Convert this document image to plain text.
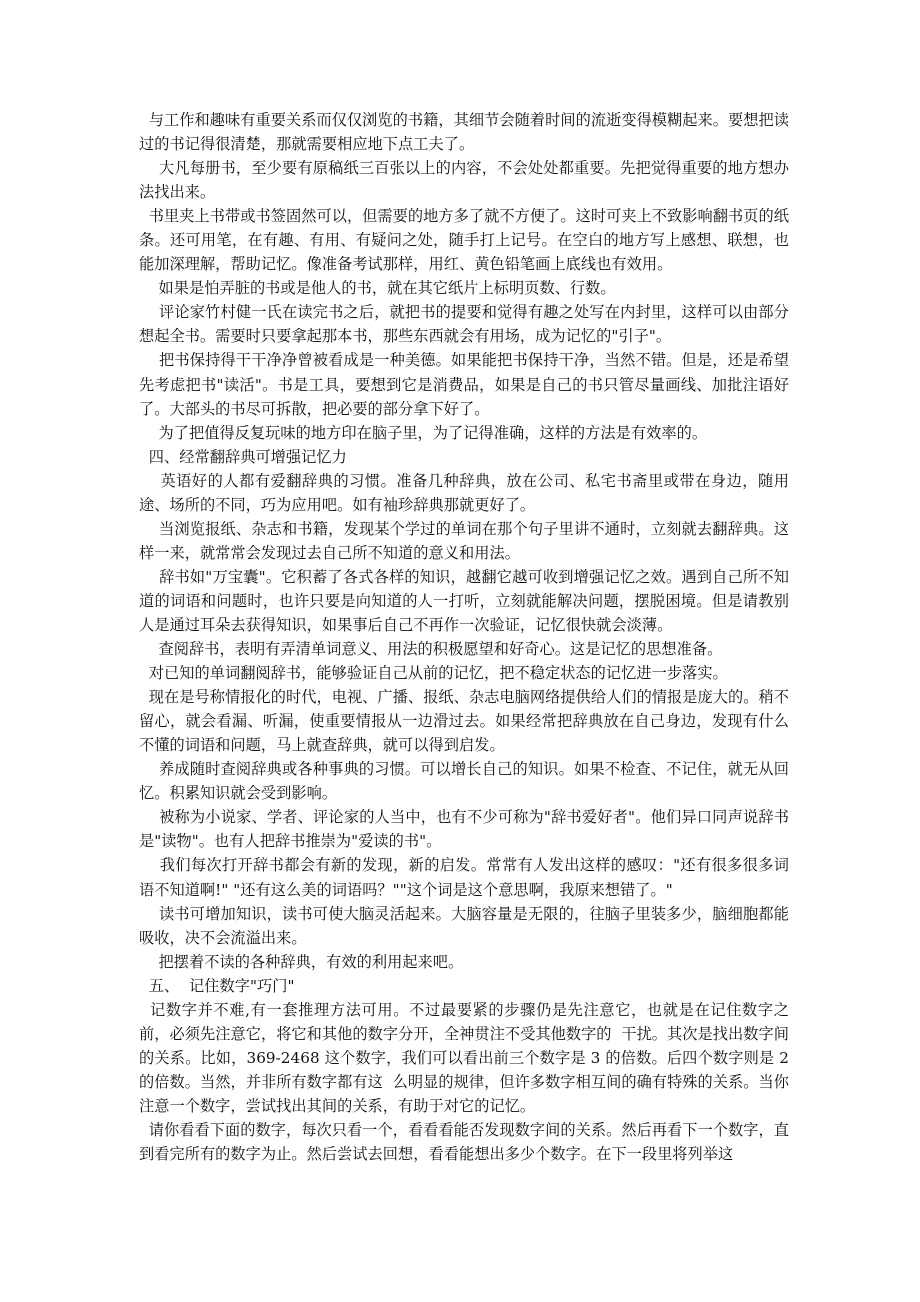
与工作和趣味有重要关系而仅仅浏览的书籍，其细节会随着时间的流逝变得模糊起来。要想把读过的书记得很清楚，那就需要相应地下点工夫了。

大凡每册书，至少要有原稿纸三百张以上的内容，不会处处都重要。先把觉得重要的地方想办法找出来。

书里夹上书带或书签固然可以，但需要的地方多了就不方便了。这时可夹上不致影响翻书页的纸条。还可用笔，在有趣、有用、有疑问之处，随手打上记号。在空白的地方写上感想、联想，也能加深理解，帮助记忆。像准备考试那样，用红、黄色铅笔画上底线也有效用。

如果是怕弄脏的书或是他人的书，就在其它纸片上标明页数、行数。

评论家竹村健一氏在读完书之后，就把书的提要和觉得有趣之处写在内封里，这样可以由部分想起全书。需要时只要拿起那本书，那些东西就会有用场，成为记忆的"引子"。

把书保持得干干净净曾被看成是一种美德。如果能把书保持干净，当然不错。但是，还是希望先考虑把书"读活"。书是工具，要想到它是消费品，如果是自己的书只管尽量画线、加批注语好了。大部头的书尽可拆散，把必要的部分拿下好了。

为了把值得反复玩味的地方印在脑子里，为了记得准确，这样的方法是有效率的。

四、经常翻辞典可增强记忆力

英语好的人都有爱翻辞典的习惯。准备几种辞典，放在公司、私宅书斋里或带在身边，随用途、场所的不同，巧为应用吧。如有袖珍辞典那就更好了。

当浏览报纸、杂志和书籍，发现某个学过的单词在那个句子里讲不通时，立刻就去翻辞典。这样一来，就常常会发现过去自己所不知道的意义和用法。

辞书如"万宝囊"。它积蓄了各式各样的知识，越翻它越可收到增强记忆之效。遇到自己所不知道的词语和问题时，也许只要是向知道的人一打听，立刻就能解决问题，摆脱困境。但是请教别人是通过耳朵去获得知识，如果事后自己不再作一次验证，记忆很快就会淡薄。

查阅辞书，表明有弄清单词意义、用法的积极愿望和好奇心。这是记忆的思想准备。

对已知的单词翻阅辞书，能够验证自己从前的记忆，把不稳定状态的记忆进一步落实。

现在是号称情报化的时代，电视、广播、报纸、杂志电脑网络提供给人们的情报是庞大的。稍不留心，就会看漏、听漏，使重要情报从一边滑过去。如果经常把辞典放在自己身边，发现有什么不懂的词语和问题，马上就查辞典，就可以得到启发。

养成随时查阅辞典或各种事典的习惯。可以增长自己的知识。如果不检查、不记住，就无从回忆。积累知识就会受到影响。

被称为小说家、学者、评论家的人当中，也有不少可称为"辞书爱好者"。他们异口同声说辞书是"读物"。也有人把辞书推崇为"爱读的书"。

我们每次打开辞书都会有新的发现，新的启发。常常有人发出这样的感叹："还有很多很多词语不知道啊!" "还有这么美的词语吗？""这个词是这个意思啊，我原来想错了。"

读书可增加知识，读书可使大脑灵活起来。大脑容量是无限的，往脑子里装多少，脑细胞都能吸收，决不会流溢出来。

把摆着不读的各种辞典，有效的利用起来吧。

五、  记住数字"巧门"

记数字并不难,有一套推理方法可用。不过最要紧的步骤仍是先注意它，也就是在记住数字之前，必须先注意它，将它和其他的数字分开，全神贯注不受其他数字的  干扰。其次是找出数字间的关系。比如，369-2468 这个数字，我们可以看出前三个数字是 3 的倍数。后四个数字则是 2 的倍数。当然，并非所有数字都有这  么明显的规律，但许多数字相互间的确有特殊的关系。当你注意一个数字，尝试找出其间的关系，有助于对它的记忆。

请你看看下面的数字，每次只看一个，看看看能否发现数字间的关系。然后再看下一个数字，直到看完所有的数字为止。然后尝试去回想，看看能想出多少个数字。在下一段里将列举这
